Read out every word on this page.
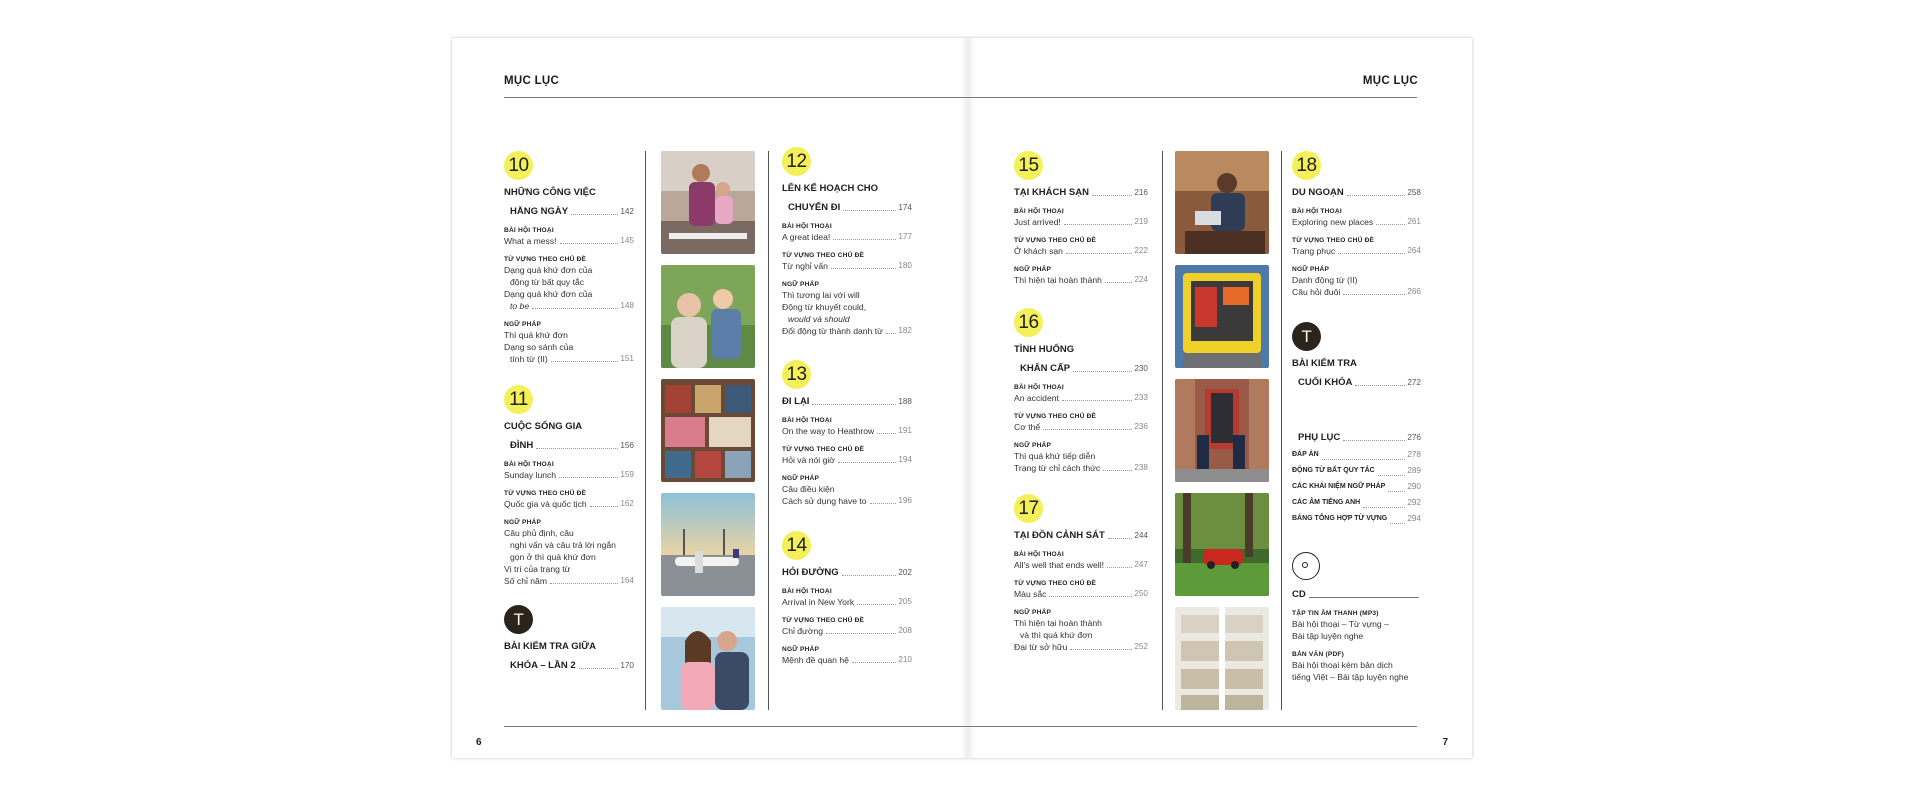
MỤC LỤC	MỤC LỤC
6	7
10
NHỮNG CÔNG VIỆC
HẰNG NGÀY	142
BÀI HỘI THOẠI
What a mess!	145
TỪ VỰNG THEO CHỦ ĐỀ
Dạng quá khứ đơn của
động từ bất quy tắc
Dạng quá khứ đơn của
to be	148
NGỮ PHÁP
Thì quá khứ đơn
Dạng so sánh của
tính từ (II)	151
11
CUỘC SỐNG GIA
ĐÌNH	156
BÀI HỘI THOẠI
Sunday lunch	159
TỪ VỰNG THEO CHỦ ĐỀ
Quốc gia và quốc tịch	162
NGỮ PHÁP
Câu phủ định, câu
nghi vấn và câu trả lời ngắn
gọn ở thì quá khứ đơn
Vị trí của trạng từ
Số chỉ năm	164
T
BÀI KIỂM TRA GIỮA
KHÓA – LẦN 2	170
12
LÊN KẾ HOẠCH CHO
CHUYẾN ĐI	174
BÀI HỘI THOẠI
A great idea!	177
TỪ VỰNG THEO CHỦ ĐỀ
Từ nghỉ vấn	180
NGỮ PHÁP
Thì tương lai với will
Động từ khuyết could,
would và should
Đổi động từ thành danh từ 182
13
ĐI LẠI	188
BÀI HỘI THOẠI
On the way to Heathrow	191
TỪ VỰNG THEO CHỦ ĐỀ
Hỏi và nói giờ	194
NGỮ PHÁP
Câu điều kiện
Cách sử dụng have to	196
14
HỎI ĐƯỜNG	202
BÀI HỘI THOẠI
Arrival in New York	205
TỪ VỰNG THEO CHỦ ĐỀ
Chỉ đường	208
NGỮ PHÁP
Mệnh đề quan hệ	210
15
TẠI KHÁCH SẠN	216
BÀI HỘI THOẠI
Just arrived!	219
TỪ VỰNG THEO CHỦ ĐỀ
Ở khách sạn	222
NGỮ PHÁP
Thì hiện tại hoàn thành	224
16
TÌNH HUỐNG
KHẨN CẤP	230
BÀI HỘI THOẠI
An accident	233
TỪ VỰNG THEO CHỦ ĐỀ
Cơ thể	236
NGỮ PHÁP
Thì quá khứ tiếp diễn
Trạng từ chỉ cách thức	238
17
TẠI ĐỒN CẢNH SÁT	244
BÀI HỘI THOẠI
All's well that ends well!	247
TỪ VỰNG THEO CHỦ ĐỀ
Màu sắc	250
NGỮ PHÁP
Thì hiện tại hoàn thành
và thì quá khứ đơn
Đại từ sở hữu	252
18
DU NGOẠN	258
BÀI HỘI THOẠI
Exploring new places	261
TỪ VỰNG THEO CHỦ ĐỀ
Trang phục	264
NGỮ PHÁP
Danh động từ (II)
Câu hỏi đuôi	266
T
BÀI KIỂM TRA
CUỐI KHÓA	272
PHỤ LỤC	276
ĐÁP ÁN	278
ĐỘNG TỪ BẤT QUY TẮC	289
CÁC KHÁI NIỆM NGỮ PHÁP	290
CÁC ÂM TIẾNG ANH	292
BẢNG TỔNG HỢP TỪ VỰNG 294
CD
TẬP TIN ÂM THANH (MP3)
Bài hội thoại – Từ vựng –
Bài tập luyện nghe
BẢN VĂN (PDF)
Bài hội thoại kèm bản dịch
tiếng Việt – Bài tập luyện nghe
